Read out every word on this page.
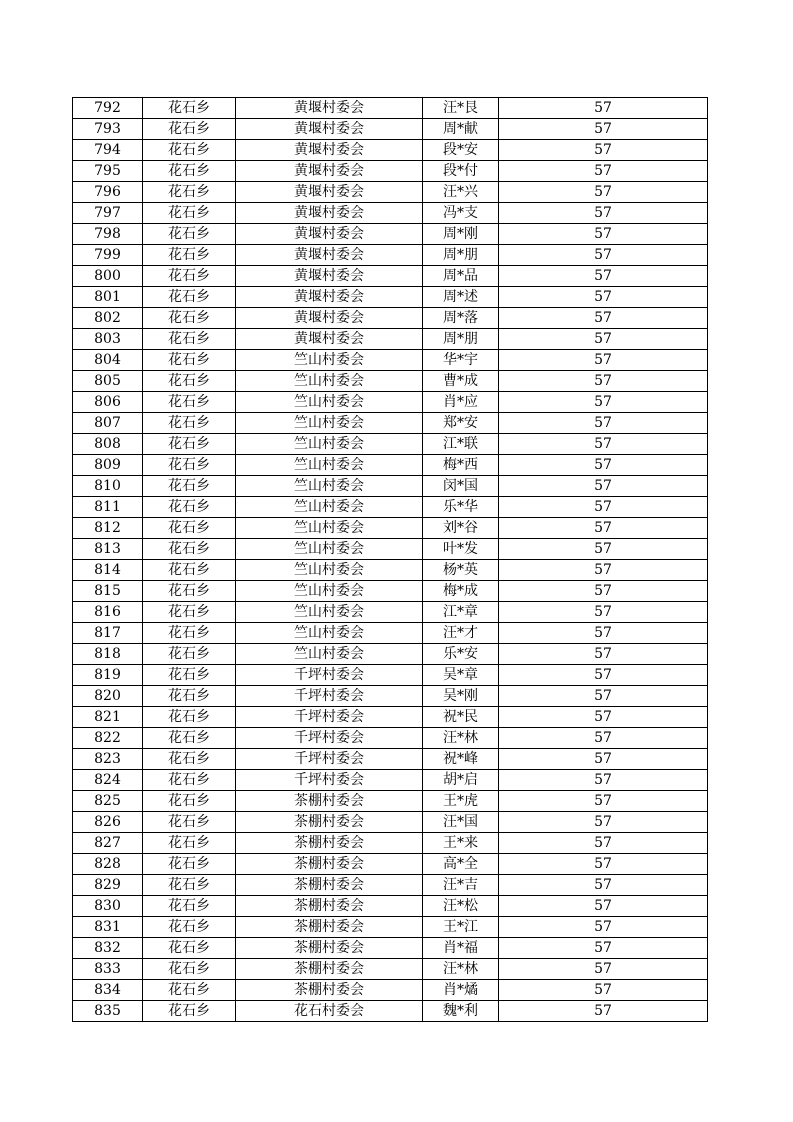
792	花石乡	黄堰村委会	汪*艮	57
793	花石乡	黄堰村委会	周*献	57
794	花石乡	黄堰村委会	段*安	57
795	花石乡	黄堰村委会	段*付	57
796	花石乡	黄堰村委会	汪*兴	57
797	花石乡	黄堰村委会	冯*支	57
798	花石乡	黄堰村委会	周*刚	57
799	花石乡	黄堰村委会	周*朋	57
800	花石乡	黄堰村委会	周*品	57
801	花石乡	黄堰村委会	周*述	57
802	花石乡	黄堰村委会	周*落	57
803	花石乡	黄堰村委会	周*朋	57
804	花石乡	竺山村委会	华*宇	57
805	花石乡	竺山村委会	曹*成	57
806	花石乡	竺山村委会	肖*应	57
807	花石乡	竺山村委会	郑*安	57
808	花石乡	竺山村委会	江*联	57
809	花石乡	竺山村委会	梅*西	57
810	花石乡	竺山村委会	闵*国	57
811	花石乡	竺山村委会	乐*华	57
812	花石乡	竺山村委会	刘*谷	57
813	花石乡	竺山村委会	叶*发	57
814	花石乡	竺山村委会	杨*英	57
815	花石乡	竺山村委会	梅*成	57
816	花石乡	竺山村委会	江*章	57
817	花石乡	竺山村委会	汪*才	57
818	花石乡	竺山村委会	乐*安	57
819	花石乡	千坪村委会	吴*章	57
820	花石乡	千坪村委会	吴*刚	57
821	花石乡	千坪村委会	祝*民	57
822	花石乡	千坪村委会	汪*林	57
823	花石乡	千坪村委会	祝*峰	57
824	花石乡	千坪村委会	胡*启	57
825	花石乡	茶棚村委会	王*虎	57
826	花石乡	茶棚村委会	汪*国	57
827	花石乡	茶棚村委会	王*来	57
828	花石乡	茶棚村委会	高*全	57
829	花石乡	茶棚村委会	汪*吉	57
830	花石乡	茶棚村委会	汪*松	57
831	花石乡	茶棚村委会	王*江	57
832	花石乡	茶棚村委会	肖*福	57
833	花石乡	茶棚村委会	汪*林	57
834	花石乡	茶棚村委会	肖*燏	57
835	花石乡	花石村委会	魏*利	57
